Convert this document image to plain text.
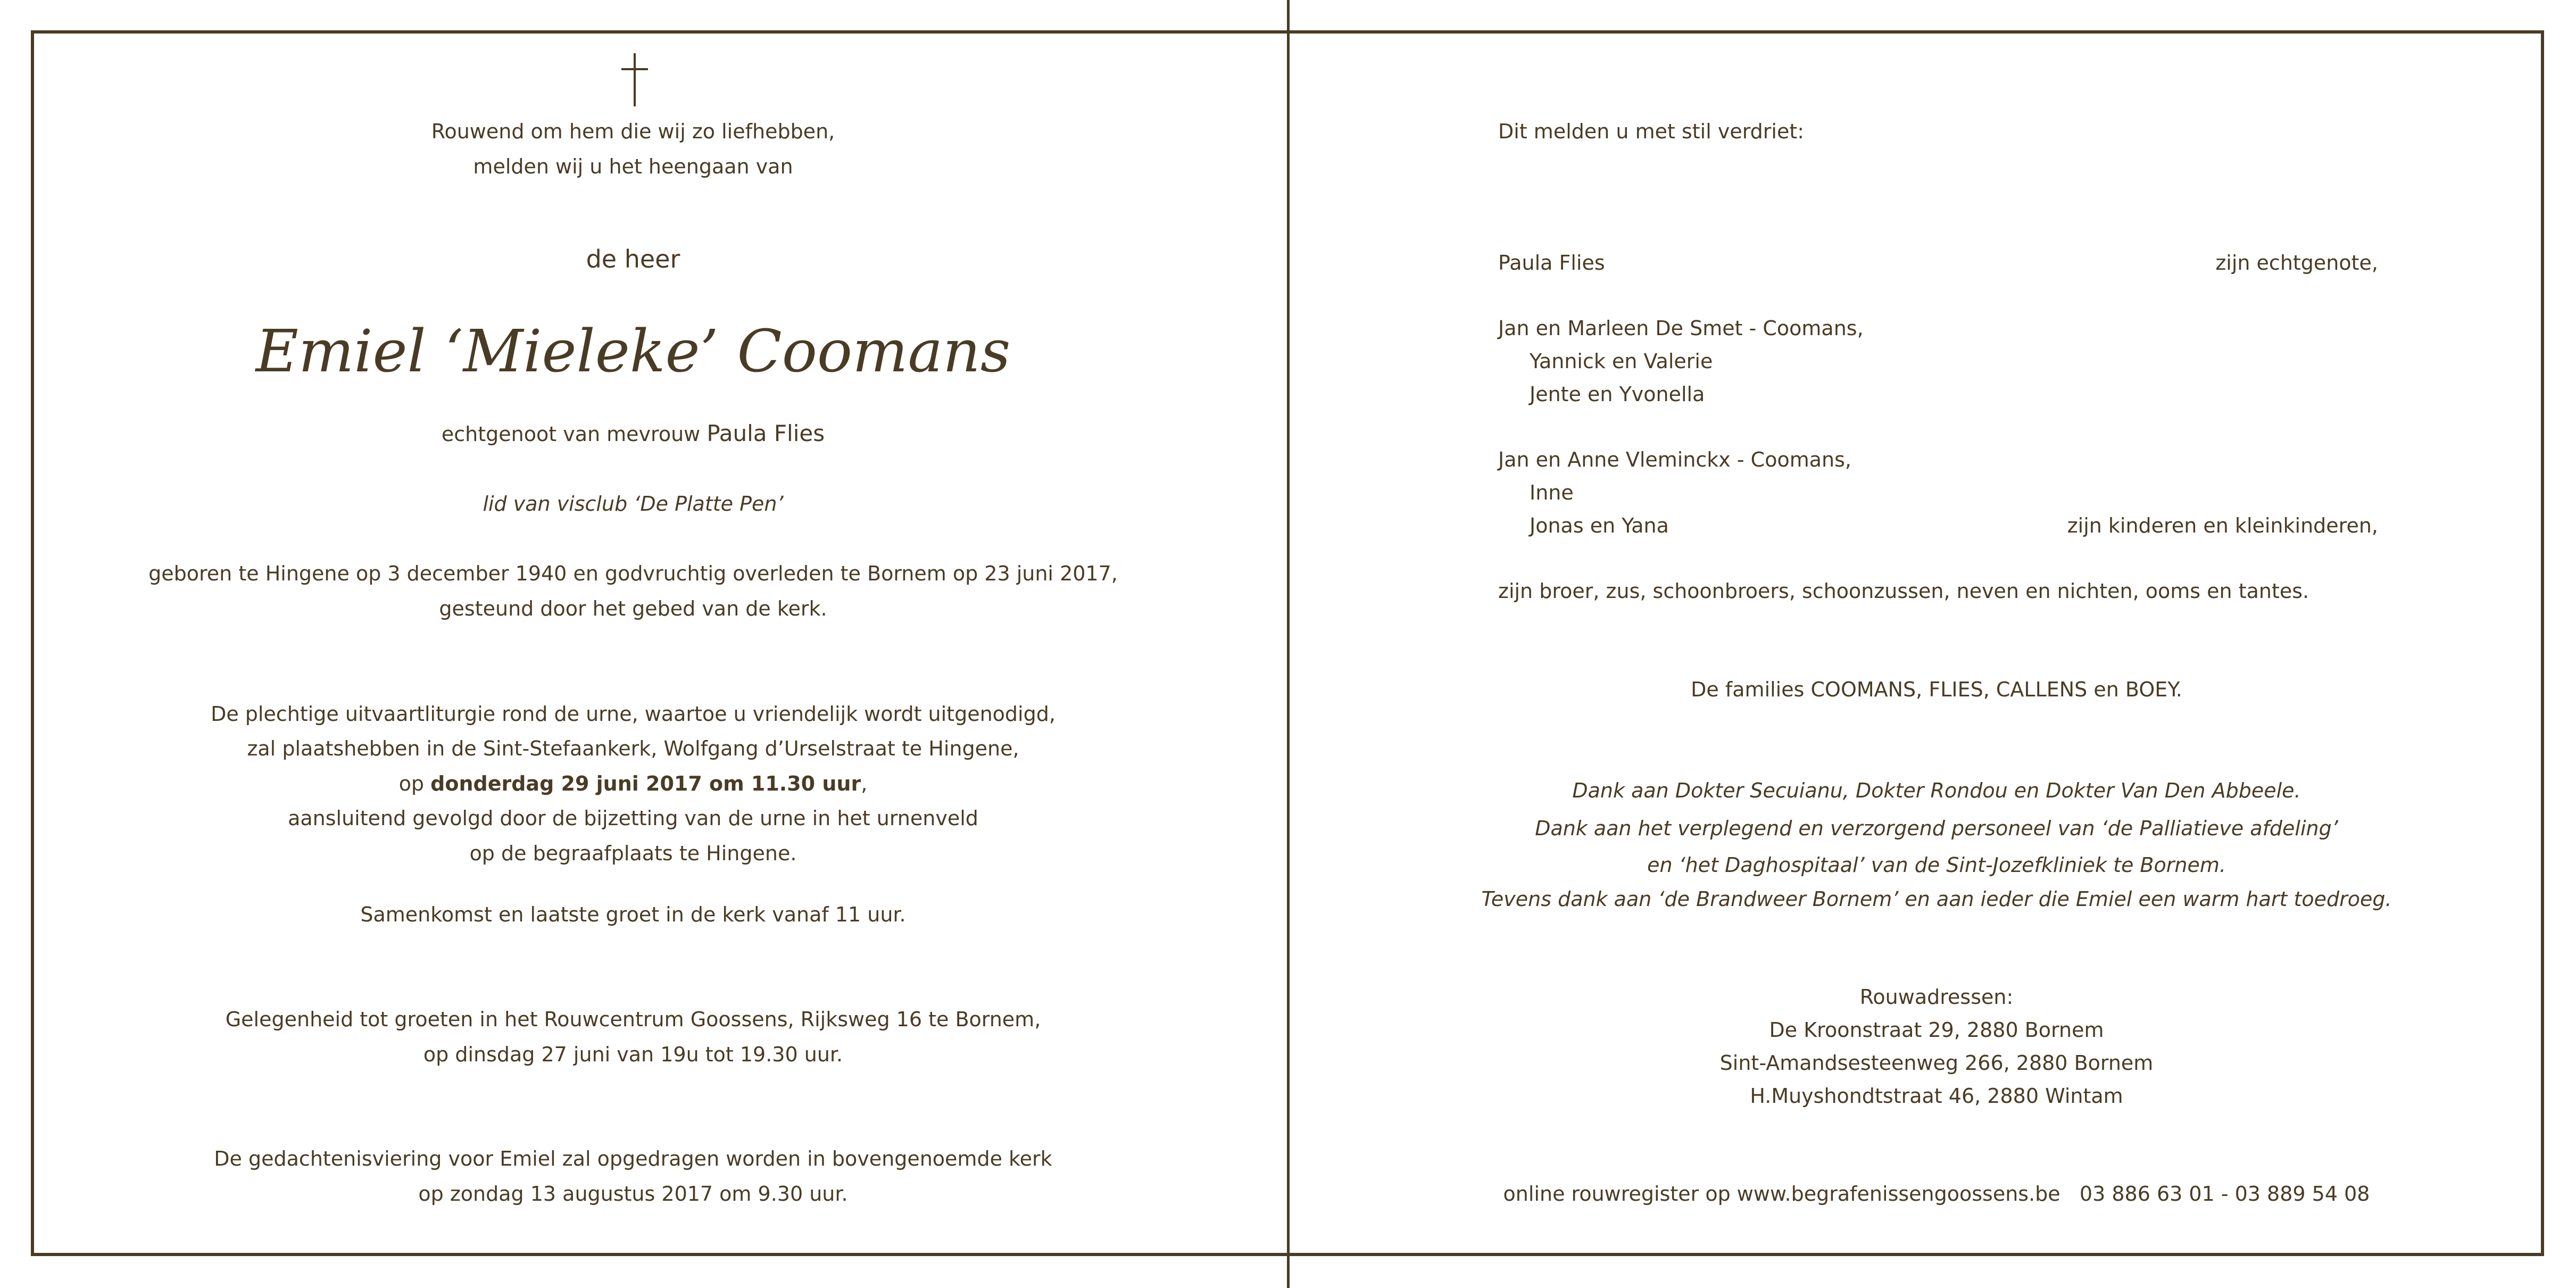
Rouwend om hem die wij zo liefhebben,
melden wij u het heengaan van
de heer
Emiel ‘Mieleke’ Coomans
echtgenoot van mevrouw Paula Flies
lid van visclub ‘De Platte Pen’
geboren te Hingene op 3 december 1940 en godvruchtig overleden te Bornem op 23 juni 2017,
gesteund door het gebed van de kerk.
De plechtige uitvaartliturgie rond de urne, waartoe u vriendelijk wordt uitgenodigd,
zal plaatshebben in de Sint-Stefaankerk, Wolfgang d’Urselstraat te Hingene,
op donderdag 29 juni 2017 om 11.30 uur,
aansluitend gevolgd door de bijzetting van de urne in het urnenveld
op de begraafplaats te Hingene.
Samenkomst en laatste groet in de kerk vanaf 11 uur.
Gelegenheid tot groeten in het Rouwcentrum Goossens, Rijksweg 16 te Bornem,
op dinsdag 27 juni van 19u tot 19.30 uur.
De gedachtenisviering voor Emiel zal opgedragen worden in bovengenoemde kerk
op zondag 13 augustus 2017 om 9.30 uur.
Dit melden u met stil verdriet:
Paula Flies	zijn echtgenote,
Jan en Marleen De Smet - Coomans,
Yannick en Valerie
Jente en Yvonella
Jan en Anne Vleminckx - Coomans,
Inne
Jonas en Yana	zijn kinderen en kleinkinderen,
zijn broer, zus, schoonbroers, schoonzussen, neven en nichten, ooms en tantes.
De families COOMANS, FLIES, CALLENS en BOEY.
Dank aan Dokter Secuianu, Dokter Rondou en Dokter Van Den Abbeele.
Dank aan het verplegend en verzorgend personeel van ‘de Palliatieve afdeling’
en ‘het Daghospitaal’ van de Sint-Jozefkliniek te Bornem.
Tevens dank aan ‘de Brandweer Bornem’ en aan ieder die Emiel een warm hart toedroeg.
Rouwadressen:
De Kroonstraat 29, 2880 Bornem
Sint-Amandsesteenweg 266, 2880 Bornem
H.Muyshondtstraat 46, 2880 Wintam
online rouwregister op www.begrafenissengoossens.be   03 886 63 01 - 03 889 54 08
